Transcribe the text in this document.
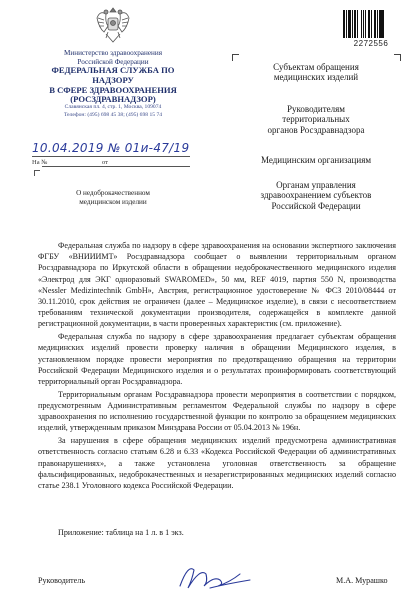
2272556
Министерство здравоохранения
Российской Федерации
ФЕДЕРАЛЬНАЯ СЛУЖБА ПО НАДЗОРУ
В СФЕРЕ ЗДРАВООХРАНЕНИЯ
(РОСЗДРАВНАДЗОР)
Славянская пл. 4, стр. 1, Москва, 109074
Телефон: (495) 698 45 38; (495) 698 15 74
10.04.2019 № 01и-47/19
На №	от
О недоброкачественном
медицинском изделии
Субъектам обращения
медицинских изделий
Руководителям
территориальных
органов Росздравнадзора
Медицинским организациям
Органам управления
здравоохранением субъектов
Российской Федерации

Федеральная служба по надзору в сфере здравоохранения на основании экспертного заключения ФГБУ «ВНИИИМТ» Росздравнадзора сообщает о выявлении территориальным органом Росздравнадзора по Иркутской области в обращении недоброкачественного медицинского изделия «Электрод для ЭКГ одноразовый SWAROMED», 50 мм, REF 4019, партия 550 N, производства «Nessler Medizintechnik GmbH», Австрия, регистрационное удостоверение № ФСЗ 2010/08444 от 30.11.2010, срок действия не ограничен (далее – Медицинское изделие), в связи с несоответствием требованиям технической документации производителя, содержащейся в комплекте данной регистрационной документации, в части проверенных характеристик (см. приложение).

Федеральная служба по надзору в сфере здравоохранения предлагает субъектам обращения медицинских изделий провести проверку наличия в обращении Медицинского изделия, в установленном порядке провести мероприятия по предотвращению обращения на территории Российской Федерации Медицинского изделия и о результатах проинформировать соответствующий территориальный орган Росздравнадзора.

Территориальным органам Росздравнадзора провести мероприятия в соответствии с порядком, предусмотренным Административным регламентом Федеральной службы по надзору в сфере здравоохранения по исполнению государственной функции по контролю за обращением медицинских изделий, утвержденным приказом Минздрава России от 05.04.2013 № 196н.

За нарушения в сфере обращения медицинских изделий предусмотрена административная ответственность согласно статьям 6.28 и 6.33 «Кодекса Российской Федерации об административных правонарушениях», а также установлена уголовная ответственность за обращение фальсифицированных, недоброкачественных и незарегистрированных медицинских изделий согласно статье 238.1 Уголовного кодекса Российской Федерации.

Приложение: таблица на 1 л. в 1 экз.
Руководитель	М.А. Мурашко
